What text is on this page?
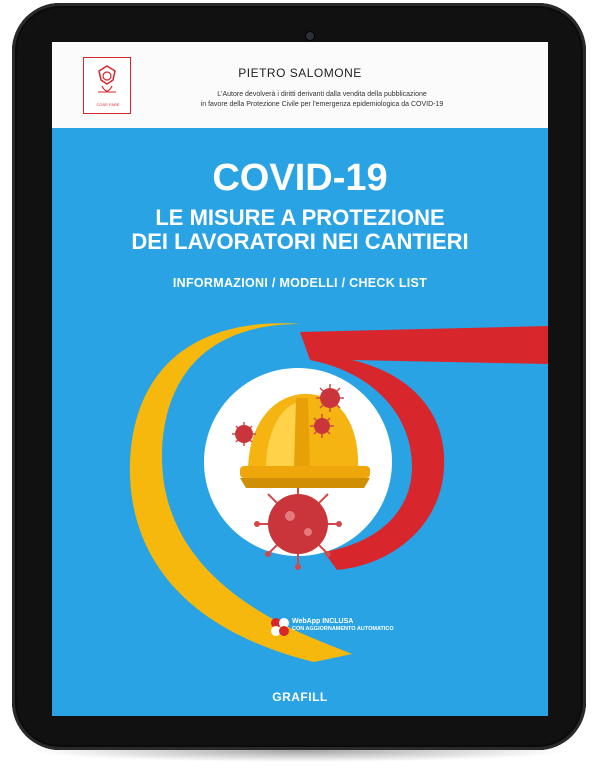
COSE FARE
PIETRO SALOMONE
L'Autore devolverà i diritti derivanti dalla vendita della pubblicazione
in favore della Protezione Civile per l'emergenza epidemiologica da COVID-19
COVID-19
LE MISURE A PROTEZIONE
DEI LAVORATORI NEI CANTIERI
INFORMAZIONI / MODELLI / CHECK LIST
WebApp INCLUSA
CON AGGIORNAMENTO AUTOMATICO
GRAFILL
